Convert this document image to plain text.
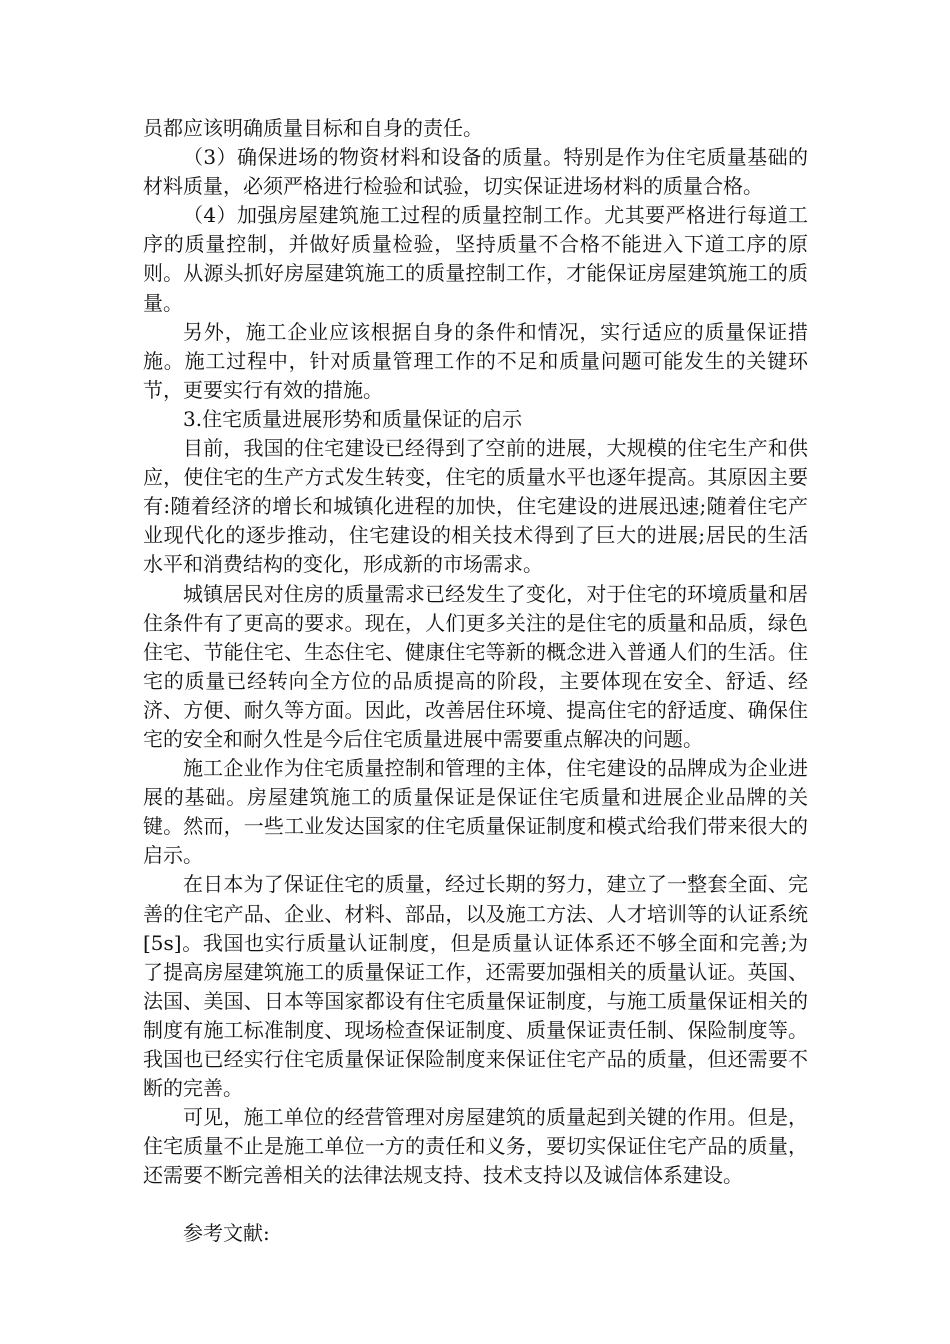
员都应该明确质量目标和自身的责任。

（3）确保进场的物资材料和设备的质量。特别是作为住宅质量基础的材料质量，必须严格进行检验和试验，切实保证进场材料的质量合格。

（4）加强房屋建筑施工过程的质量控制工作。尤其要严格进行每道工序的质量控制，并做好质量检验，坚持质量不合格不能进入下道工序的原则。从源头抓好房屋建筑施工的质量控制工作，才能保证房屋建筑施工的质量。

另外，施工企业应该根据自身的条件和情况，实行适应的质量保证措施。施工过程中，针对质量管理工作的不足和质量问题可能发生的关键环节，更要实行有效的措施。

3.住宅质量进展形势和质量保证的启示

目前，我国的住宅建设已经得到了空前的进展，大规模的住宅生产和供应，使住宅的生产方式发生转变，住宅的质量水平也逐年提高。其原因主要有:随着经济的增长和城镇化进程的加快，住宅建设的进展迅速;随着住宅产业现代化的逐步推动，住宅建设的相关技术得到了巨大的进展;居民的生活水平和消费结构的变化，形成新的市场需求。

城镇居民对住房的质量需求已经发生了变化，对于住宅的环境质量和居住条件有了更高的要求。现在，人们更多关注的是住宅的质量和品质，绿色住宅、节能住宅、生态住宅、健康住宅等新的概念进入普通人们的生活。住宅的质量已经转向全方位的品质提高的阶段，主要体现在安全、舒适、经济、方便、耐久等方面。因此，改善居住环境、提高住宅的舒适度、确保住宅的安全和耐久性是今后住宅质量进展中需要重点解决的问题。

施工企业作为住宅质量控制和管理的主体，住宅建设的品牌成为企业进展的基础。房屋建筑施工的质量保证是保证住宅质量和进展企业品牌的关键。然而，一些工业发达国家的住宅质量保证制度和模式给我们带来很大的启示。

在日本为了保证住宅的质量，经过长期的努力，建立了一整套全面、完善的住宅产品、企业、材料、部品，以及施工方法、人才培训等的认证系统[5s]。我国也实行质量认证制度，但是质量认证体系还不够全面和完善;为了提高房屋建筑施工的质量保证工作，还需要加强相关的质量认证。英国、法国、美国、日本等国家都设有住宅质量保证制度，与施工质量保证相关的制度有施工标准制度、现场检查保证制度、质量保证责任制、保险制度等。我国也已经实行住宅质量保证保险制度来保证住宅产品的质量，但还需要不断的完善。

可见，施工单位的经营管理对房屋建筑的质量起到关键的作用。但是，住宅质量不止是施工单位一方的责任和义务，要切实保证住宅产品的质量，还需要不断完善相关的法律法规支持、技术支持以及诚信体系建设。

参考文献:
